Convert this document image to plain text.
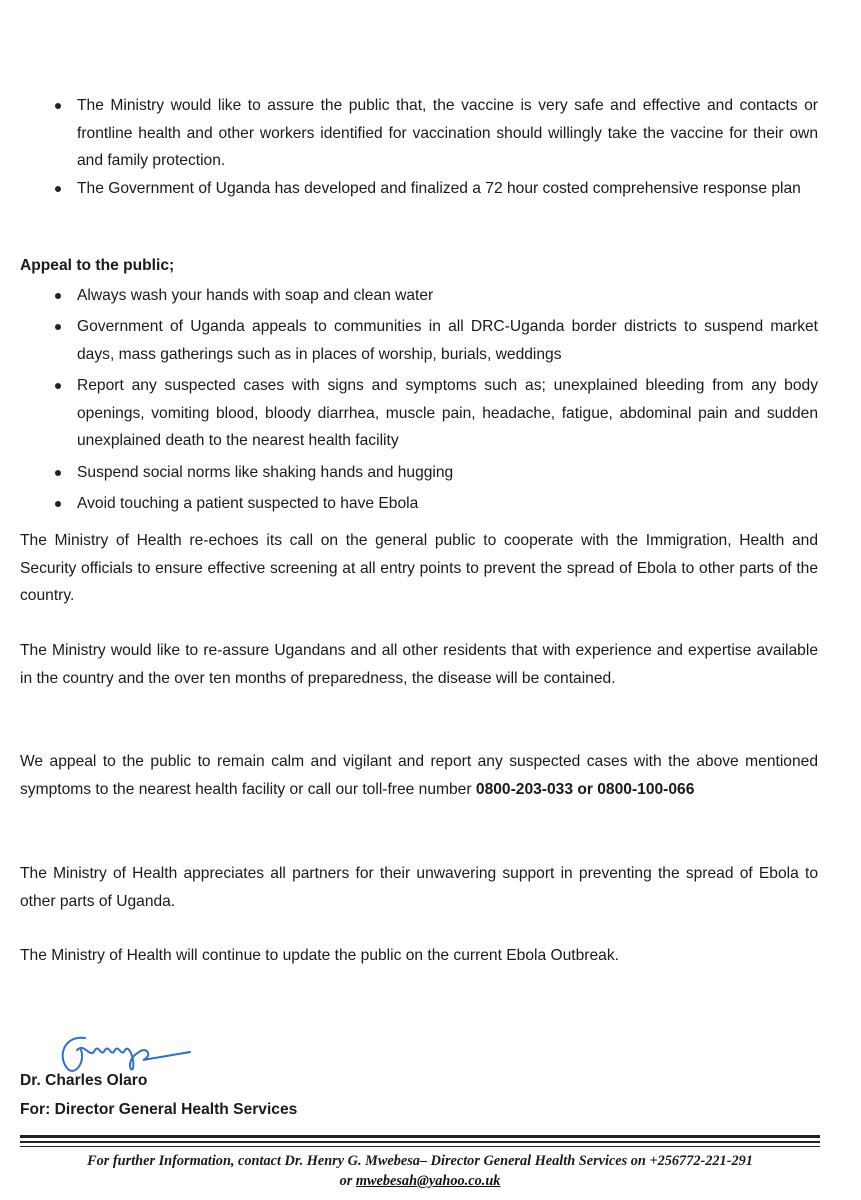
The Ministry would like to assure the public that, the vaccine is very safe and effective and contacts or frontline health and other workers identified for vaccination should willingly take the vaccine for their own and family protection.
The Government of Uganda has developed and finalized a 72 hour costed comprehensive response plan
Appeal to the public;
Always wash your hands with soap and clean water
Government of Uganda appeals to communities in all DRC-Uganda border districts to suspend market days, mass gatherings such as in places of worship, burials, weddings
Report any suspected cases with signs and symptoms such as; unexplained bleeding from any body openings, vomiting blood, bloody diarrhea, muscle pain, headache, fatigue, abdominal pain and sudden unexplained death to the nearest health facility
Suspend social norms like shaking hands and hugging
Avoid touching a patient suspected to have Ebola

The Ministry of Health re-echoes its call on the general public to cooperate with the Immigration, Health and Security officials to ensure effective screening at all entry points to prevent the spread of Ebola to other parts of the country.

The Ministry would like to re-assure Ugandans and all other residents that with experience and expertise available in the country and the over ten months of preparedness, the disease will be contained.

We appeal to the public to remain calm and vigilant and report any suspected cases with the above mentioned symptoms to the nearest health facility or call our toll-free number 0800-203-033 or 0800-100-066

The Ministry of Health appreciates all partners for their unwavering support in preventing the spread of Ebola to other parts of Uganda.

The Ministry of Health will continue to update the public on the current Ebola Outbreak.

Dr. Charles Olaro
For: Director General Health Services
For further Information, contact Dr. Henry G. Mwebesa– Director General Health Services on +256772-221-291
or mwebesah@yahoo.co.uk
